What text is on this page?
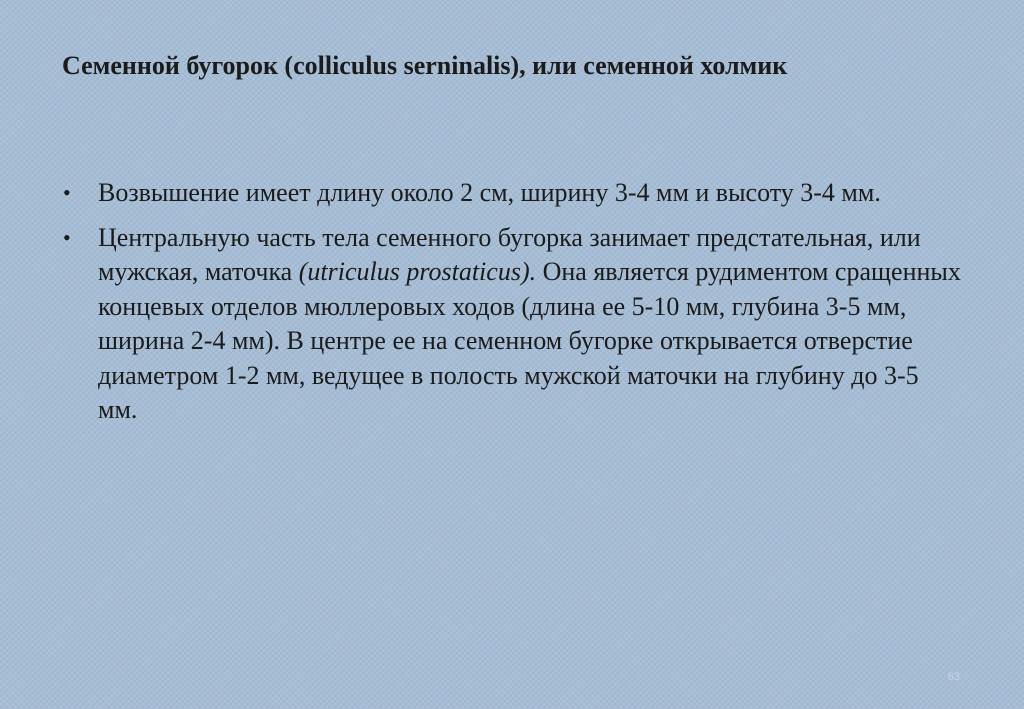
Семенной бугорок (colliculus serninalis), или семенной холмик
• Возвышение имеет длину около 2 см, ширину 3-4 мм и высоту 3-4 мм.
• Центральную часть тела семенного бугорка занимает предстательная, или мужская, маточка (utriculus prostaticus). Она является рудиментом сращенных концевых отделов мюллеровых ходов (длина ее 5-10 мм, глубина 3-5 мм, ширина 2-4 мм). В центре ее на семенном бугорке открывается отверстие диаметром 1-2 мм, ведущее в полость мужской маточки на глубину до 3-5 мм.
63
